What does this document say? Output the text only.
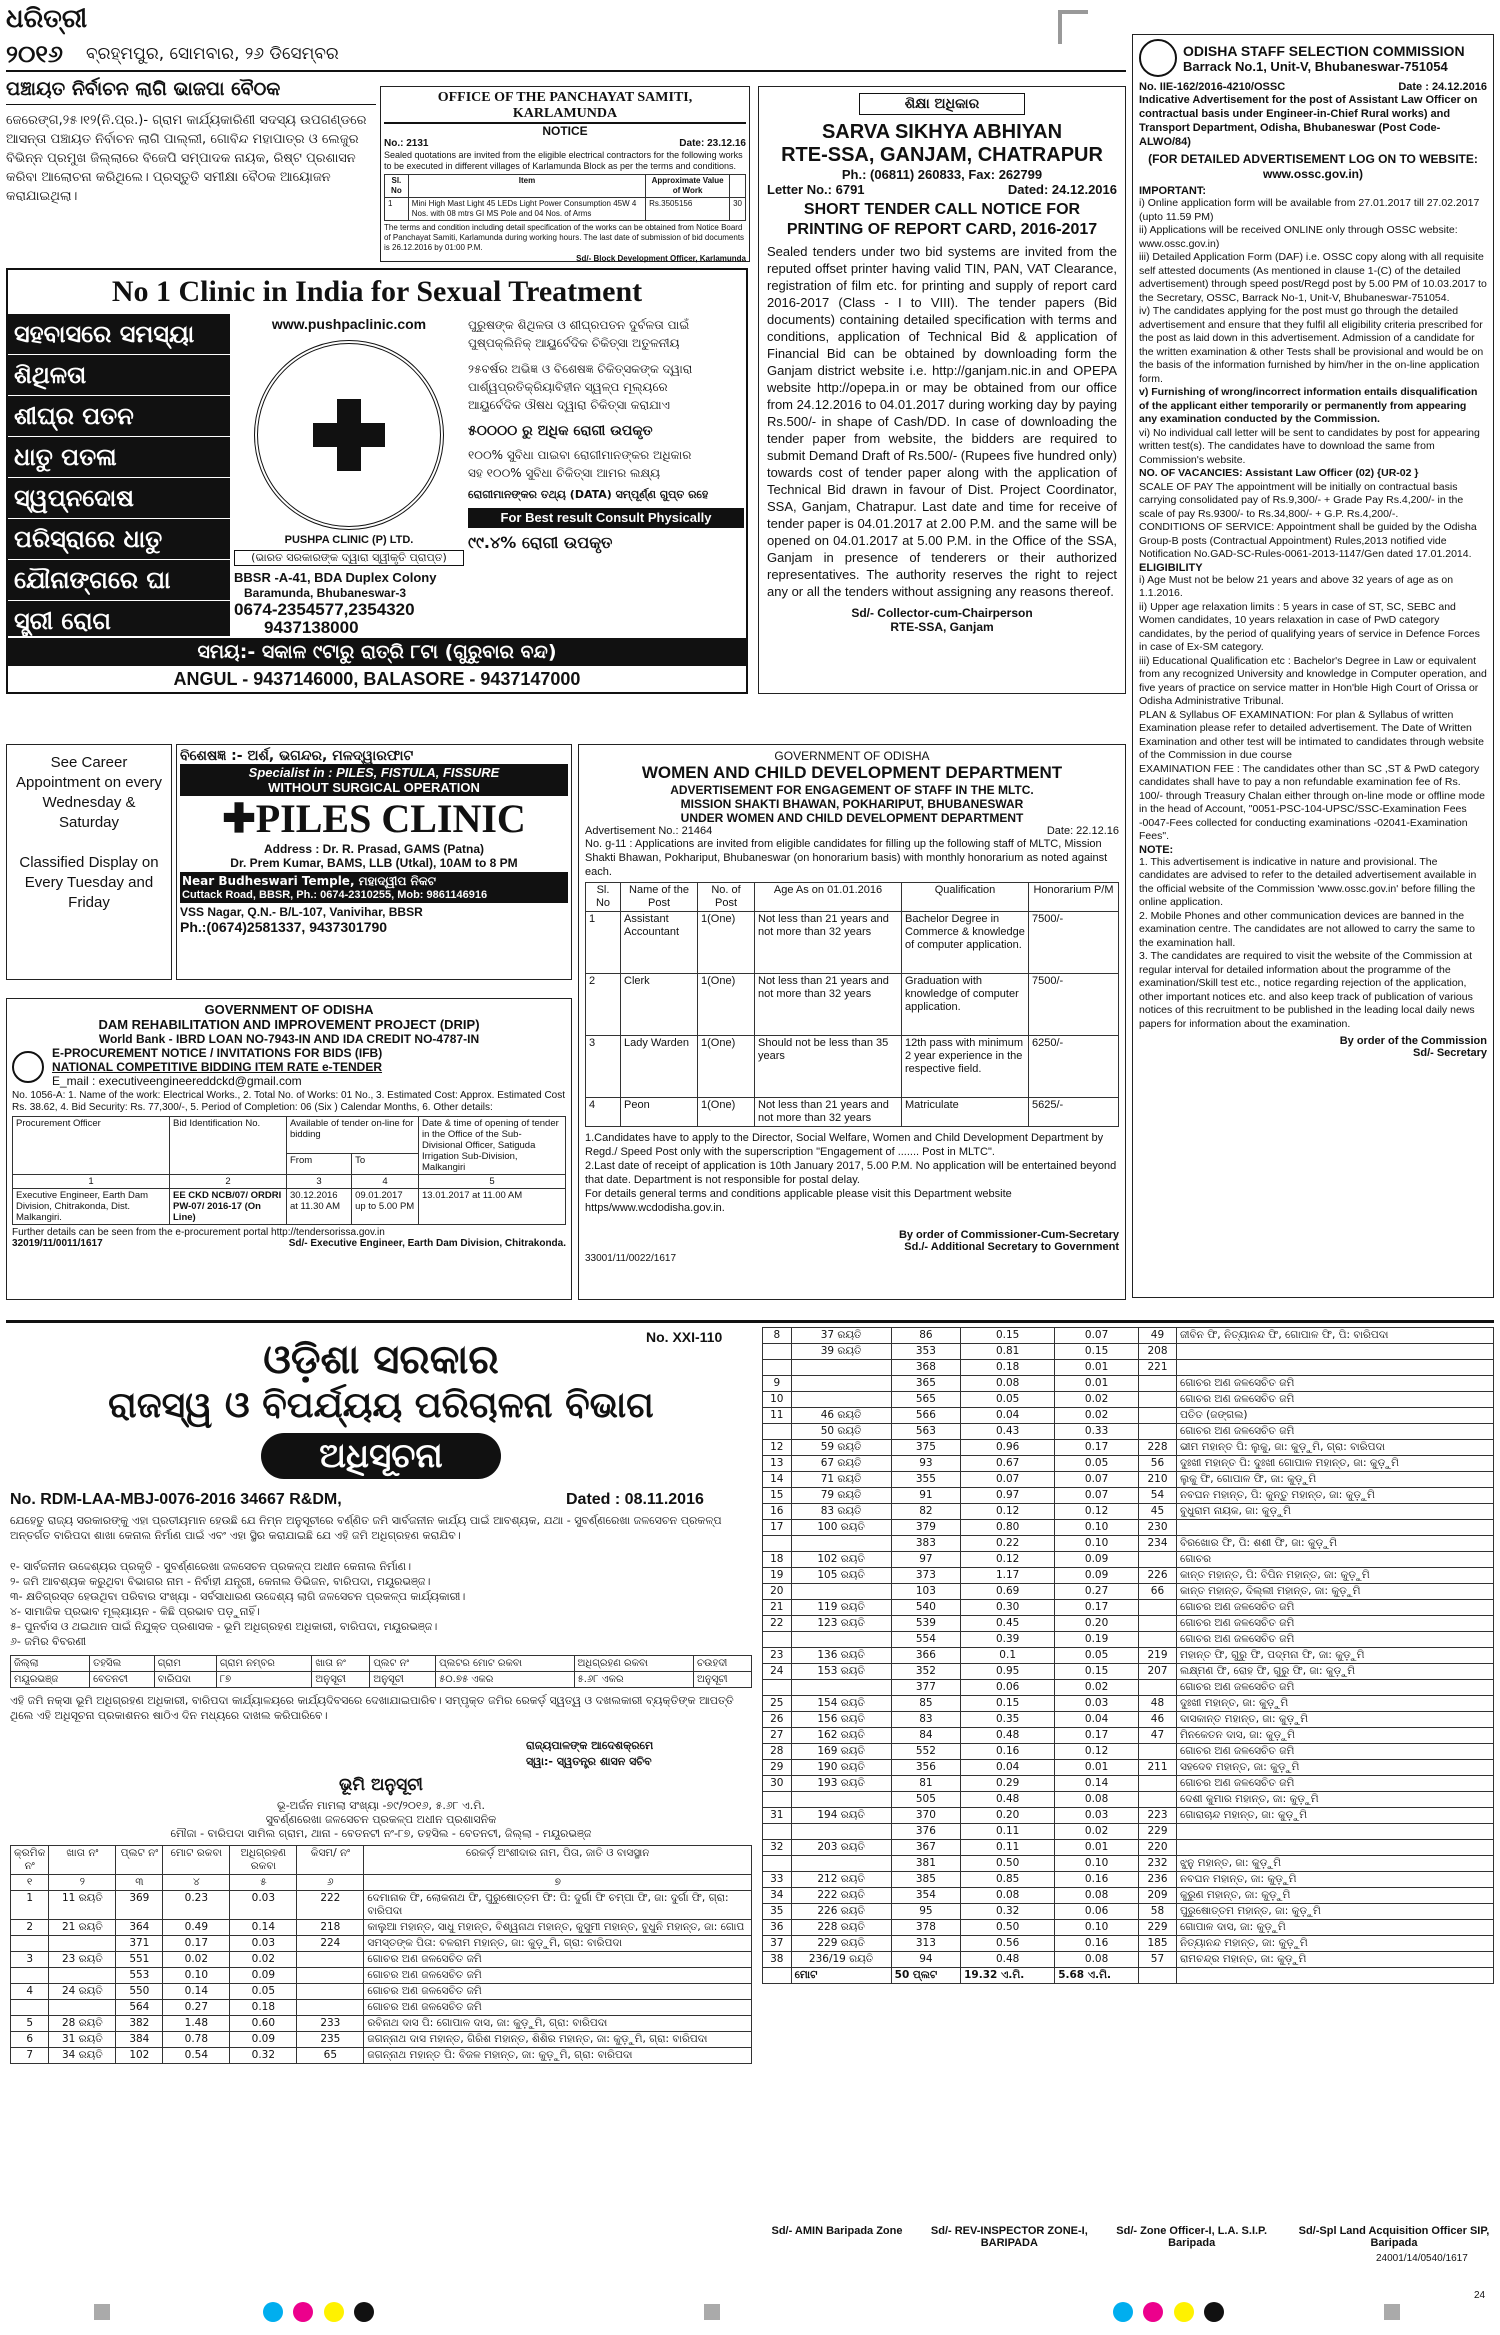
ଧରିତ୍ରୀ
୨୦୧୬ ବ୍ରହ୍ମପୁର, ସୋମବାର, ୨୬ ଡିସେମ୍ବର
ପଞ୍ଚାୟତ ନିର୍ବାଚନ ଲାଗି ଭାଜପା ବୈଠକ

ଜେରେଙ୍ଗ,୨୫।୧୨(ନି.ପ୍ର.)- ଗ୍ରାମ କାର୍ଯ୍ୟକାରିଣୀ ସଦସ୍ୟ ଉପଗଣ୍ଡରେ ଆସନ୍ତା ପଞ୍ଚାୟତ ନିର୍ବାଚନ ଲାଗି ପାଲ୍ଲୀ, ଗୋବିନ୍ଦ ମହାପାତ୍ର ଓ ଲେଜୁର ବିଭିନ୍ନ ପ୍ରମୁଖ ଜିଲ୍ଲାରେ ବିଜେପି ସମ୍ପାଦକ ନାୟକ, ରିଷ୍ଟ ପ୍ରଶାସନ କରିବା ଆଲୋଚନା କରିଥିଲେ। ପ୍ରସ୍ତୁତି ସମୀକ୍ଷା ବୈଠକ ଆୟୋଜନ କରାଯାଇଥିଲା।

OFFICE OF THE PANCHAYAT SAMITI, KARLAMUNDA
NOTICE
No.: 2131	Date: 23.12.16

Sealed quotations are invited from the eligible electrical contractors for the following works to be executed in different villages of Karlamunda Block as per the terms and conditions.

Sl. No	Item	Approximate Value of Work	
1	Mini High Mast Light 45 LEDs Light Power Consumption 45W 4 Nos. with 08 mtrs GI MS Pole and 04 Nos. of Arms	Rs.3505156	30

The terms and condition including detail specification of the works can be obtained from Notice Board of Panchayat Samiti, Karlamunda during working hours. The last date of submission of bid documents is 26.12.2016 by 01:00 P.M.

Sd/- Block Development Officer, Karlamunda

ଶିକ୍ଷା ଅଧିକାର
SARVA SIKHYA ABHIYAN
RTE-SSA, GANJAM, CHATRAPUR
Ph.: (06811) 260833, Fax: 262799
Letter No.: 6791	Dated: 24.12.2016
SHORT TENDER CALL NOTICE FOR PRINTING OF REPORT CARD, 2016-2017

Sealed tenders under two bid systems are invited from the reputed offset printer having valid TIN, PAN, VAT Clearance, registration of film etc. for printing and supply of report card 2016-2017 (Class - I to VIII). The tender papers (Bid documents) containing detailed specification with terms and conditions, application of Technical Bid & application of Financial Bid can be obtained by downloading form the Ganjam district website i.e. http://ganjam.nic.in and OPEPA website http://opepa.in or may be obtained from our office from 24.12.2016 to 04.01.2017 during working day by paying Rs.500/- in shape of Cash/DD. In case of downloading the tender paper from website, the bidders are required to submit Demand Draft of Rs.500/- (Rupees five hundred only) towards cost of tender paper along with the application of Technical Bid drawn in favour of Dist. Project Coordinator, SSA, Ganjam, Chatrapur. Last date and time for receive of tender paper is 04.01.2017 at 2.00 P.M. and the same will be opened on 04.01.2017 at 5.00 P.M. in the Office of the SSA, Ganjam in presence of tenderers or their authorized representatives. The authority reserves the right to reject any or all the tenders without assigning any reasons thereof.

Sd/- Collector-cum-Chairperson

RTE-SSA, Ganjam

ODISHA STAFF SELECTION COMMISSION
Barrack No.1, Unit-V, Bhubaneswar-751054
No. IIE-162/2016-4210/OSSC	Date : 24.12.2016

Indicative Advertisement for the post of Assistant Law Officer on contractual basis under Engineer-in-Chief Rural works) and Transport Department, Odisha, Bhubaneswar (Post Code-ALWO/84)

(FOR DETAILED ADVERTISEMENT LOG ON TO WEBSITE: www.ossc.gov.in)

IMPORTANT:

i) Online application form will be available from 27.01.2017 till 27.02.2017 (upto 11.59 PM)
ii) Applications will be received ONLINE only through OSSC website: www.ossc.gov.in)
iii) Detailed Application Form (DAF) i.e. OSSC copy along with all requisite self attested documents (As mentioned in clause 1-(C) of the detailed advertisement) through speed post/Regd post by 5.00 PM of 10.03.2017 to the Secretary, OSSC, Barrack No-1, Unit-V, Bhubaneswar-751054.
iv) The candidates applying for the post must go through the detailed advertisement and ensure that they fulfil all eligibility criteria prescribed for the post as laid down in this advertisement. Admission of a candidate for the written examination & other Tests shall be provisional and would be on the basis of the information furnished by him/her in the on-line application form.
v) Furnishing of wrong/incorrect information entails disqualification of the applicant either temporarily or permanently from appearing any examination conducted by the Commission.
vi) No individual call letter will be sent to candidates by post for appearing written test(s). The candidates have to download the same from Commission's website.

NO. OF VACANCIES: Assistant Law Officer (02) {UR-02 }

SCALE OF PAY The appointment will be initially on contractual basis carrying consolidated pay of Rs.9,300/- + Grade Pay Rs.4,200/- in the scale of pay Rs.9300/- to Rs.34,800/- + G.P. Rs.4,200/-.

CONDITIONS OF SERVICE: Appointment shall be guided by the Odisha Group-B posts (Contractual Appointment) Rules,2013 notified vide Notification No.GAD-SC-Rules-0061-2013-1147/Gen dated 17.01.2014.

ELIGIBILITY

i) Age Must not be below 21 years and above 32 years of age as on 1.1.2016.
ii) Upper age relaxation limits : 5 years in case of ST, SC, SEBC and Women candidates, 10 years relaxation in case of PwD category candidates, by the period of qualifying years of service in Defence Forces in case of Ex-SM category.
iii) Educational Qualification etc : Bachelor's Degree in Law or equivalent from any recognized University and knowledge in Computer operation, and five years of practice on service matter in Hon'ble High Court of Orissa or Odisha Administrative Tribunal.

PLAN & Syllabus OF EXAMINATION: For plan & Syllabus of written Examination please refer to detailed advertisement. The Date of Written Examination and other test will be intimated to candidates through website of the Commission in due course

EXAMINATION FEE : The candidates other than SC ,ST & PwD category candidates shall have to pay a non refundable examination fee of Rs. 100/- through Treasury Chalan either through on-line mode or offline mode in the head of Account, "0051-PSC-104-UPSC/SSC-Examination Fees -0047-Fees collected for conducting examinations -02041-Examination Fees".

NOTE:

1. This advertisement is indicative in nature and provisional. The candidates are advised to refer to the detailed advertisement available in the official website of the Commission 'www.ossc.gov.in' before filling the online application.
2. Mobile Phones and other communication devices are banned in the examination centre. The candidates are not allowed to carry the same to the examination hall.
3. The candidates are required to visit the website of the Commission at regular interval for detailed information about the programme of the examination/Skill test etc., notice regarding rejection of the application, other important notices etc. and also keep track of publication of various notices of this recruitment to be published in the leading local daily news papers for information about the examination.

By order of the Commission

Sd/- Secretary

No 1 Clinic in India for Sexual Treatment
ସହବାସରେ ସମସ୍ୟା
ଶିଥିଳତା
ଶୀଘ୍ର ପତନ
ଧାତୁ ପତଳା
ସ୍ୱପ୍ନଦୋଷ
ପରିସ୍ରାରେ ଧାତୁ
ଯୌନାଙ୍ଗରେ ଘା
ସ୍ତ୍ରୀ ରୋଗ
www.pushpaclinic.com
PUSHPA CLINIC (P) LTD.
(ଭାରତ ସରକାରଙ୍କ ଦ୍ୱାରା ସ୍ୱୀକୃତି ପ୍ରାପ୍ତ)
BBSR -A-41, BDA Duplex Colony
Baramunda, Bhubaneswar-3
0674-2354577,2354320
9437138000

ପୁରୁଷଙ୍କ ଶିଥିଳତା ଓ ଶୀଘ୍ରପତନ ଦୁର୍ବଳତା ପାଇଁ ପୁଷ୍ପକ୍ଲିନିକ୍ ଆୟୁର୍ବେଦିକ ଚିକିତ୍ସା ଅତୁଳନୀୟ

୨୫ବର୍ଷର ଅଭିଜ୍ଞ ଓ ବିଶେଷଜ୍ଞ ଚିକିତ୍ସକଙ୍କ ଦ୍ୱାରା ପାର୍ଶ୍ୱପ୍ରତିକ୍ରିୟାବିହୀନ ସ୍ୱଳ୍ପ ମୂଲ୍ୟରେ

ଆୟୁର୍ବେଦିକ ଔଷଧ ଦ୍ୱାରା ଚିକିତ୍ସା କରାଯାଏ

୫୦୦୦୦ ରୁ ଅଧିକ ରୋଗୀ ଉପକୃତ

୧୦୦% ସୁବିଧା ପାଇବା ରୋଗୀମାନଙ୍କର ଅଧିକାର

ସହ ୧୦୦% ସୁବିଧା ଚିକିତ୍ସା ଆମର ଲକ୍ଷ୍ୟ

ରୋଗୀମାନଙ୍କର ତଥ୍ୟ (DATA) ସମ୍ପୂର୍ଣ୍ଣ ଗୁପ୍ତ ରହେ

For Best result Consult Physically

୯୯.୪% ରୋଗୀ ଉପକୃତ

ସମୟ:- ସକାଳ ୯ଟାରୁ ରାତ୍ରି ୮ଟା (ଗୁରୁବାର ବନ୍ଦ)
ANGUL - 9437146000, BALASORE - 9437147000

See Career Appointment on every Wednesday & Saturday

Classified Display on Every Tuesday and Friday

ବିଶେଷଜ୍ଞ :- ଅର୍ଶ, ଭଗନ୍ଦର, ମଳଦ୍ୱାରଫାଟ
Specialist in : PILES, FISTULA, FISSURE
WITHOUT SURGICAL OPERATION
✚PILES CLINIC

Address : Dr. R. Prasad, GAMS (Patna)

Dr. Prem Kumar, BAMS, LLB (Utkal), 10AM to 8 PM

Near Budheswari Temple, ମହାଦ୍ୱୀପ ନିକଟ

Cuttack Road, BBSR, Ph.: 0674-2310255, Mob: 9861146916

VSS Nagar, Q.N.- B/L-107, Vanivihar, BBSR

Ph.:(0674)2581337, 9437301790

GOVERNMENT OF ODISHA
WOMEN AND CHILD DEVELOPMENT DEPARTMENT
ADVERTISEMENT FOR ENGAGEMENT OF STAFF IN THE MLTC.
MISSION SHAKTI BHAWAN, POKHARIPUT, BHUBANESWAR
UNDER WOMEN AND CHILD DEVELOPMENT DEPARTMENT
Advertisement No.: 21464	Date: 22.12.16

No. g-11 : Applications are invited from eligible candidates for filling up the following staff of MLTC, Mission Shakti Bhawan, Pokhariput, Bhubaneswar (on honorarium basis) with monthly honorarium as noted against each.

Sl. No	Name of the Post	No. of Post	Age As on 01.01.2016	Qualification	Honorarium P/M
1	Assistant Accountant	1(One)	Not less than 21 years and not more than 32 years	Bachelor Degree in Commerce & knowledge of computer application.	7500/-
2	Clerk	1(One)	Not less than 21 years and not more than 32 years	Graduation with knowledge of computer application.	7500/-
3	Lady Warden	1(One)	Should not be less than 35 years	12th pass with minimum 2 year experience in the respective field.	6250/-
4	Peon	1(One)	Not less than 21 years and not more than 32 years	Matriculate	5625/-

1.Candidates have to apply to the Director, Social Welfare, Women and Child Development Department by Regd./ Speed Post only with the superscription "Engagement of ....... Post in MLTC".

2.Last date of receipt of application is 10th January 2017, 5.00 P.M. No application will be entertained beyond that date. Department is not responsible for postal delay.

For details general terms and conditions applicable please visit this Department website https/www.wcdodisha.gov.in.

By order of Commissioner-Cum-Secretary

Sd./- Additional Secretary to Government

33001/11/0022/1617

GOVERNMENT OF ODISHA
DAM REHABILITATION AND IMPROVEMENT PROJECT (DRIP)
World Bank - IBRD LOAN NO-7943-IN AND IDA CREDIT NO-4787-IN
E-PROCUREMENT NOTICE / INVITATIONS FOR BIDS (IFB)
NATIONAL COMPETITIVE BIDDING ITEM RATE e-TENDER
E_mail : executiveengineereddckd@gmail.com

No. 1056-A: 1. Name of the work: Electrical Works., 2. Total No. of Works: 01 No., 3. Estimated Cost: Approx. Estimated Cost Rs. 38.62, 4. Bid Security: Rs. 77,300/-, 5. Period of Completion: 06 (Six ) Calendar Months, 6. Other details:

Procurement Officer	Bid Identification No.	Available of tender on-line for bidding		Date & time of opening of tender in the Office of the Sub-Divisional Officer, Satiguda Irrigation Sub-Division, Malkangiri
		From	To	
1	2	3	4	5
Executive Engineer, Earth Dam Division, Chitrakonda, Dist. Malkangiri.	EE CKD NCB/07/ ORDRI PW-07/ 2016-17 (On Line)	30.12.2016 at 11.30 AM	09.01.2017 up to 5.00 PM	13.01.2017 at 11.00 AM

Further details can be seen from the e-procurement portal http://tendersorissa.gov.in

32019/11/0011/1617	Sd/- Executive Engineer, Earth Dam Division, Chitrakonda.
No. XXI-110
ଓଡ଼ିଶା ସରକାର
ରାଜସ୍ୱ ଓ ବିପର୍ଯ୍ୟୟ ପରିଚାଳନା ବିଭାଗ
ଅଧିସୂଚନା
No. RDM-LAA-MBJ-0076-2016 34667 R&DM,	Dated : 08.11.2016

ଯେହେତୁ ରାଜ୍ୟ ସରକାରଙ୍କୁ ଏହା ପ୍ରତୀୟମାନ ହେଉଛି ଯେ ନିମ୍ନ ଅନୁସୂଚୀରେ ବର୍ଣ୍ଣିତ ଜମି ସାର୍ବଜନୀନ କାର୍ଯ୍ୟ ପାଇଁ ଆବଶ୍ୟକ, ଯଥା - ସୁବର୍ଣ୍ଣରେଖା ଜଳସେଚନ ପ୍ରକଳ୍ପ ଅନ୍ତର୍ଗତ ବାରିପଦା ଶାଖା କେନାଲ ନିର୍ମାଣ ପାଇଁ ଏବଂ ଏହା ସ୍ଥିର କରାଯାଇଛି ଯେ ଏହି ଜମି ଅଧିଗ୍ରହଣ କରାଯିବ।

୧- ସାର୍ବଜନୀନ ଉଦ୍ଦେଶ୍ୟର ପ୍ରକୃତି - ସୁବର୍ଣ୍ଣରେଖା ଜଳସେଚନ ପ୍ରକଳ୍ପ ଅଧୀନ କେନାଲ ନିର୍ମାଣ।
୨- ଜମି ଆବଶ୍ୟକ କରୁଥିବା ବିଭାଗର ନାମ - ନିର୍ବାହୀ ଯନ୍ତ୍ରୀ, କେନାଲ ଡିଭିଜନ, ବାରିପଦା, ମୟୂରଭଞ୍ଜ।
୩- କ୍ଷତିଗ୍ରସ୍ତ ହେଉଥିବା ପରିବାର ସଂଖ୍ୟା - ସର୍ବସାଧାରଣ ଉଦ୍ଦେଶ୍ୟ ଲାଗି ଜଳସେଚନ ପ୍ରକଳ୍ପ କାର୍ଯ୍ୟକାରୀ।
୪- ସାମାଜିକ ପ୍ରଭାବ ମୂଲ୍ୟାୟନ - କିଛି ପ୍ରଭାବ ପଡ଼ୁନାହିଁ।
୫- ପୁନର୍ବାସ ଓ ଥଇଥାନ ପାଇଁ ନିଯୁକ୍ତ ପ୍ରଶାସକ - ଭୂମି ଅଧିଗ୍ରହଣ ଅଧିକାରୀ, ବାରିପଦା, ମୟୂରଭଞ୍ଜ।
୬- ଜମିର ବିବରଣୀ
ଜିଲ୍ଲା	ତହସିଲ	ଗ୍ରାମ	ଗ୍ରାମ ନମ୍ବର	ଖାତା ନଂ	ପ୍ଲଟ ନଂ	ପ୍ଲଟର ମୋଟ ରକବା	ଅଧିଗ୍ରହଣ ରକବା	ଚଉହଦୀ
ମୟୂରଭଞ୍ଜ	ବେତନଟୀ	ବାରିପଦା	୮୭	ଅନୁସୂଚୀ	ଅନୁସୂଚୀ	୫୦.୭୫ ଏକର	୫.୬୮ ଏକର	ଅନୁସୂଚୀ

ଏହି ଜମି ନକ୍ସା ଭୂମି ଅଧିଗ୍ରହଣ ଅଧିକାରୀ, ବାରିପଦା କାର୍ଯ୍ୟାଳୟରେ କାର୍ଯ୍ୟଦିବସରେ ଦେଖାଯାଇପାରିବ। ସମ୍ପୃକ୍ତ ଜମିର ରେକର୍ଡ଼ ସ୍ୱତ୍ୱ ଓ ଦଖଲକାରୀ ବ୍ୟକ୍ତିଙ୍କ ଆପତ୍ତି ଥିଲେ ଏହି ଅଧିସୂଚନା ପ୍ରକାଶନର ଷାଠିଏ ଦିନ ମଧ୍ୟରେ ଦାଖଲ କରିପାରିବେ।

ରାଜ୍ୟପାଳଙ୍କ ଆଦେଶକ୍ରମେ
ସ୍ୱା:- ସ୍ୱତନ୍ତ୍ର ଶାସନ ସଚିବ
ଭୂମି ଅନୁସୂଚୀ
ଭୂ-ଅର୍ଜନ ମାମଲା ସଂଖ୍ୟା -୭୯/୨୦୧୬, ୫.୬୮ ଏ.ମି.
ସୁବର୍ଣ୍ଣରେଖା ଜଳସେଚନ ପ୍ରକଳ୍ପ ଅଧୀନ ପ୍ରଶାସନିକ
ମୌଜା - ବାରିପଦା ସାମିଲ ଗ୍ରାମ, ଥାନା - ବେତନଟୀ ନଂ-୮୭, ତହସିଲ - ବେତନଟୀ, ଜିଲ୍ଲା - ମୟୂରଭଞ୍ଜ
କ୍ରମିକ ନଂ	ଖାତା ନଂ	ପ୍ଲଟ ନଂ	ମୋଟ ରକବା	ଅଧିଗ୍ରହଣ ରକବା	କିସମ/ ନଂ	ରେକର୍ଡ଼ ଅଂଶୀଦାର ନାମ, ପିତା, ଜାତି ଓ ବାସସ୍ଥାନ
୧	୨	୩	୪	୫	୬	୭
1	11 ରୟତି	369	0.23	0.03	222	ଦେମାନାକ ଫି, ଲୋକନାଥ ଫି, ପୁରୁଷୋତ୍ତମ ଫି: ପି: ଦୁର୍ଗା ଫି ଚମ୍ପା ଫି, ଜା: ଦୁର୍ଗା ଫି, ଗ୍ରା: ବାରିପଦା
2	21 ରୟତି	364	0.49	0.14	218	କାଲୁଆ ମହାନ୍ତ, ସାଧୁ ମହାନ୍ତ, ବିଶ୍ୱନାଥ ମହାନ୍ତ, କୁସୁମୀ ମହାନ୍ତ, ବୁଧୁନି ମହାନ୍ତ, ଜା: ଗୋପ
		371	0.17	0.03	224	ସମସ୍ତଙ୍କ ପିତା: ବଳରାମ ମହାନ୍ତ, ଜା: କୁଡ଼ୁମି, ଗ୍ରା: ବାରିପଦା
3	23 ରୟତି	551	0.02	0.02		ଗୋଚର ଅଣ ଜଳସେଚିତ ଜମି
		553	0.10	0.09		ଗୋଚର ଅଣ ଜଳସେଚିତ ଜମି
4	24 ରୟତି	550	0.14	0.05		ଗୋଚର ଅଣ ଜଳସେଚିତ ଜମି
		564	0.27	0.18		ଗୋଚର ଅଣ ଜଳସେଚିତ ଜମି
5	28 ରୟତି	382	1.48	0.60	233	ରବିନାଥ ଦାସ ପି: ଗୋପାଳ ଦାସ, ଜା: କୁଡ଼ୁମି, ଗ୍ରା: ବାରିପଦା
6	31 ରୟତି	384	0.78	0.09	235	ଜଗନ୍ନାଥ ଦାସ ମହାନ୍ତ, ଗିରିଶ ମହାନ୍ତ, ଶିଶିର ମହାନ୍ତ, ଜା: କୁଡ଼ୁମି, ଗ୍ରା: ବାରିପଦା
7	34 ରୟତି	102	0.54	0.32	65	ଜଗନ୍ନାଥ ମହାନ୍ତ ପି: ବିଜଳ ମହାନ୍ତ, ଜା: କୁଡ଼ୁମି, ଗ୍ରା: ବାରିପଦା
8	37 ରୟତି	86	0.15	0.07	49	ଜୀବିନ ଫି, ନିତ୍ୟାନନ୍ଦ ଫି, ଗୋପାଳ ଫି, ପି: ବାରିପଦା
	39 ରୟତି	353	0.81	0.15	208	
		368	0.18	0.01	221	
9		365	0.08	0.01		ଗୋଚର ଅଣ ଜଳସେଚିତ ଜମି
10		565	0.05	0.02		ଗୋଚର ଅଣ ଜଳସେଚିତ ଜମି
11	46 ରୟତି	566	0.04	0.02		ପତିତ (ଜଙ୍ଗଲ)
	50 ରୟତି	563	0.43	0.33		ଗୋଚର ଅଣ ଜଳସେଚିତ ଜମି
12	59 ରୟତି	375	0.96	0.17	228	ଭୀମ ମହାନ୍ତ ପି: ଲୁକୁ, ଜା: କୁଡ଼ୁମି, ଗ୍ରା: ବାରିପଦା
13	67 ରୟତି	93	0.67	0.05	56	ଦୁଃଖୀ ମହାନ୍ତ ପି: ଦୁଃଖୀ ଗୋପାଳ ମହାନ୍ତ, ଜା: କୁଡ଼ୁମି
14	71 ରୟତି	355	0.07	0.07	210	ଲୁକୁ ଫି, ଗୋପାଳ ଫି, ଜା: କୁଡ଼ୁମି
15	79 ରୟତି	91	0.97	0.07	54	ନବଘନ ମହାନ୍ତ, ପି: କୁନ୍ତୁ ମହାନ୍ତ, ଜା: କୁଡ଼ୁମି
16	83 ରୟତି	82	0.12	0.12	45	ବୁଧୁରାମ ନାୟକ, ଜା: କୁଡ଼ୁମି
17	100 ରୟତି	379	0.80	0.10	230	
		383	0.22	0.10	234	ବିରଖୋର ଫି, ପି: ଶଶୀ ଫି, ଜା: କୁଡ଼ୁମି
18	102 ରୟତି	97	0.12	0.09		ଗୋଚର
19	105 ରୟତି	373	1.17	0.09	226	କାନ୍ତ ମହାନ୍ତ, ପି: ବିପିନ ମହାନ୍ତ, ଜା: କୁଡ଼ୁମି
20		103	0.69	0.27	66	କାନ୍ତ ମହାନ୍ତ, ଦିଲ୍ଲୀ ମହାନ୍ତ, ଜା: କୁଡ଼ୁମି
21	119 ରୟତି	540	0.30	0.17		ଗୋଚର ଅଣ ଜଳସେଚିତ ଜମି
22	123 ରୟତି	539	0.45	0.20		ଗୋଚର ଅଣ ଜଳସେଚିତ ଜମି
		554	0.39	0.19		ଗୋଚର ଅଣ ଜଳସେଚିତ ଜମି
23	136 ରୟତି	366	0.1	0.05	219	ମହାନ୍ତ ଫି, ଗୁରୁ ଫି, ପଦ୍ମନା ଫି, ଜା: କୁଡ଼ୁମି
24	153 ରୟତି	352	0.95	0.15	207	ଲକ୍ଷ୍ମଣ ଫି, ରୋହ ଫି, ଗୁରୁ ଫି, ଜା: କୁଡ଼ୁମି
		377	0.06	0.02		ଗୋଚର ଅଣ ଜଳସେଚିତ ଜମି
25	154 ରୟତି	85	0.15	0.03	48	ଦୁଃଖୀ ମହାନ୍ତ, ଜା: କୁଡ଼ୁମି
26	156 ରୟତି	83	0.35	0.04	46	ଦାସକାନ୍ତ ମହାନ୍ତ, ଜା: କୁଡ଼ୁମି
27	162 ରୟତି	84	0.48	0.17	47	ମିନକେତନ ଦାସ, ଜା: କୁଡ଼ୁମି
28	169 ରୟତି	552	0.16	0.12		ଗୋଚର ଅଣ ଜଳସେଚିତ ଜମି
29	190 ରୟତି	356	0.04	0.01	211	ସହଦେବ ମହାନ୍ତ, ଜା: କୁଡ଼ୁମି
30	193 ରୟତି	81	0.29	0.14		ଗୋଚର ଅଣ ଜଳସେଚିତ ଜମି
		505	0.48	0.08		ଦେଶୀ କୁମାର ମହାନ୍ତ, ଜା: କୁଡ଼ୁମି
31	194 ରୟତି	370	0.20	0.03	223	ଗୋରାଚାନ୍ଦ ମହାନ୍ତ, ଜା: କୁଡ଼ୁମି
		376	0.11	0.02	229	
32	203 ରୟତି	367	0.11	0.01	220	
		381	0.50	0.10	232	ଝୁନୁ ମହାନ୍ତ, ଜା: କୁଡ଼ୁମି
33	212 ରୟତି	385	0.85	0.16	236	ନବଘନ ମହାନ୍ତ, ଜା: କୁଡ଼ୁମି
34	222 ରୟତି	354	0.08	0.08	209	କୁରୁଣ ମହାନ୍ତ, ଜା: କୁଡ଼ୁମି
35	226 ରୟତି	95	0.32	0.06	58	ପୁରୁଷୋତ୍ତମ ମହାନ୍ତ, ଜା: କୁଡ଼ୁମି
36	228 ରୟତି	378	0.50	0.10	229	ଗୋପାଳ ଦାସ, ଜା: କୁଡ଼ୁମି
37	229 ରୟତି	313	0.56	0.16	185	ନିତ୍ୟାନନ୍ଦ ମହାନ୍ତ, ଜା: କୁଡ଼ୁମି
38	236/19 ରୟତି	94	0.48	0.08	57	ରାମଚନ୍ଦ୍ର ମହାନ୍ତ, ଜା: କୁଡ଼ୁମି
	ମୋଟ	50 ପ୍ଲଟ	19.32 ଏ.ମି.	5.68 ଏ.ମି.		
Sd/- AMIN Baripada Zone	Sd/- REV-INSPECTOR ZONE-I, BARIPADA
Sd/- Zone Officer-I, L.A. S.I.P. Baripada
Sd/-Spl Land Acquisition Officer SIP, Baripada
24001/14/0540/1617

24
